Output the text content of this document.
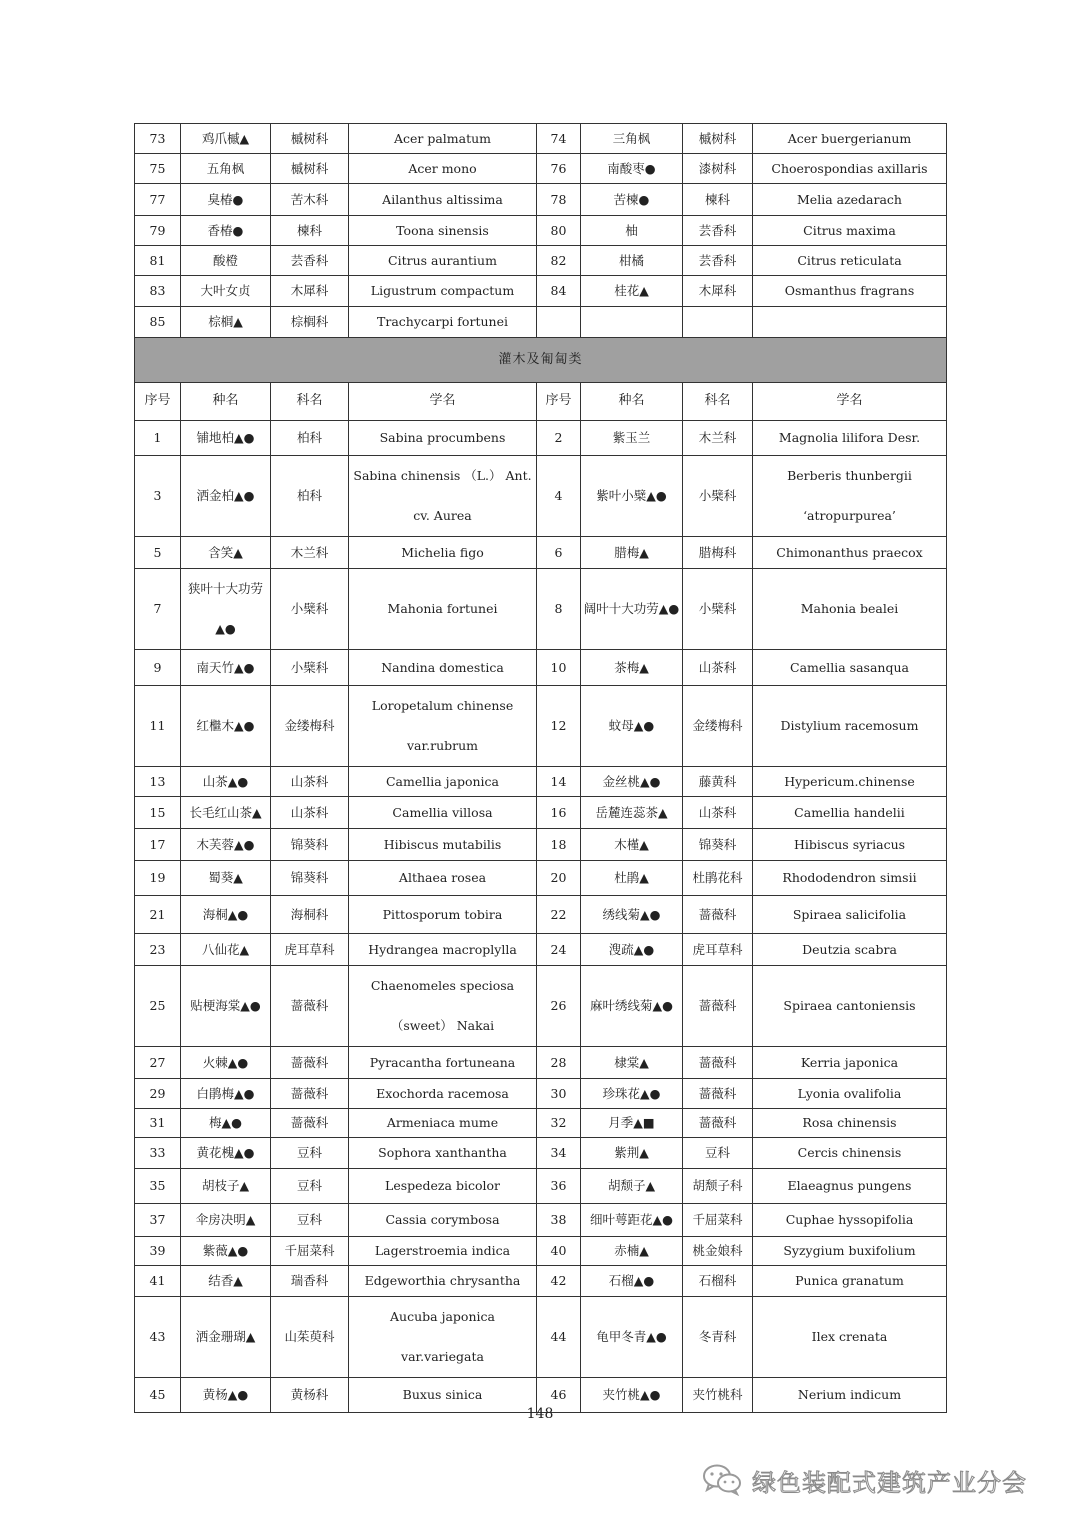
73	鸡爪槭▲	槭树科	Acer palmatum	74	三角枫	槭树科	Acer buergerianum
75	五角枫	槭树科	Acer mono	76	南酸枣●	漆树科	Choerospondias axillaris
77	臭椿●	苦木科	Ailanthus altissima	78	苦楝●	楝科	Melia azedarach
79	香椿●	楝科	Toona sinensis	80	柚	芸香科	Citrus maxima
81	酸橙	芸香科	Citrus aurantium	82	柑橘	芸香科	Citrus reticulata
83	大叶女贞	木犀科	Ligustrum compactum	84	桂花▲	木犀科	Osmanthus fragrans
85	棕榈▲	棕榈科	Trachycarpi fortunei				
灌木及匍匐类							
序号	种名	科名	学名	序号	种名	科名	学名
1	铺地柏▲●	柏科	Sabina procumbens	2	紫玉兰	木兰科	Magnolia lilifora Desr.
3	洒金柏▲●	柏科	Sabina chinensis （L.） Ant. cv. Aurea	4	紫叶小檗▲●	小檗科	Berberis thunbergii ‘atropurpurea’
5	含笑▲	木兰科	Michelia figo	6	腊梅▲	腊梅科	Chimonanthus praecox
7	狭叶十大功劳▲●	小檗科	Mahonia fortunei	8	阔叶十大功劳▲●	小檗科	Mahonia bealei
9	南天竹▲●	小檗科	Nandina domestica	10	茶梅▲	山茶科	Camellia sasanqua
11	红檵木▲●	金缕梅科	Loropetalum chinense var.rubrum	12	蚊母▲●	金缕梅科	Distylium racemosum
13	山茶▲●	山茶科	Camellia japonica	14	金丝桃▲●	藤黄科	Hypericum.chinense
15	长毛红山茶▲	山茶科	Camellia villosa	16	岳麓连蕊茶▲	山茶科	Camellia handelii
17	木芙蓉▲●	锦葵科	Hibiscus mutabilis	18	木槿▲	锦葵科	Hibiscus syriacus
19	蜀葵▲	锦葵科	Althaea rosea	20	杜鹃▲	杜鹃花科	Rhododendron simsii
21	海桐▲●	海桐科	Pittosporum tobira	22	绣线菊▲●	蔷薇科	Spiraea salicifolia
23	八仙花▲	虎耳草科	Hydrangea macroplylla	24	溲疏▲●	虎耳草科	Deutzia scabra
25	贴梗海棠▲●	蔷薇科	Chaenomeles speciosa （sweet） Nakai	26	麻叶绣线菊▲●	蔷薇科	Spiraea cantoniensis
27	火棘▲●	蔷薇科	Pyracantha fortuneana	28	棣棠▲	蔷薇科	Kerria japonica
29	白鹃梅▲●	蔷薇科	Exochorda racemosa	30	珍珠花▲●	蔷薇科	Lyonia ovalifolia
31	梅▲●	蔷薇科	Armeniaca mume	32	月季▲■	蔷薇科	Rosa chinensis
33	黄花槐▲●	豆科	Sophora xanthantha	34	紫荆▲	豆科	Cercis chinensis
35	胡枝子▲	豆科	Lespedeza bicolor	36	胡颓子▲	胡颓子科	Elaeagnus pungens
37	伞房决明▲	豆科	Cassia corymbosa	38	细叶萼距花▲●	千屈菜科	Cuphae hyssopifolia
39	紫薇▲●	千屈菜科	Lagerstroemia indica	40	赤楠▲	桃金娘科	Syzygium buxifolium
41	结香▲	瑞香科	Edgeworthia chrysantha	42	石榴▲●	石榴科	Punica granatum
43	洒金珊瑚▲	山茱萸科	Aucuba japonica var.variegata	44	龟甲冬青▲●	冬青科	Ilex crenata
45	黄杨▲●	黄杨科	Buxus sinica	46	夹竹桃▲●	夹竹桃科	Nerium indicum
148
绿色装配式建筑产业分会
